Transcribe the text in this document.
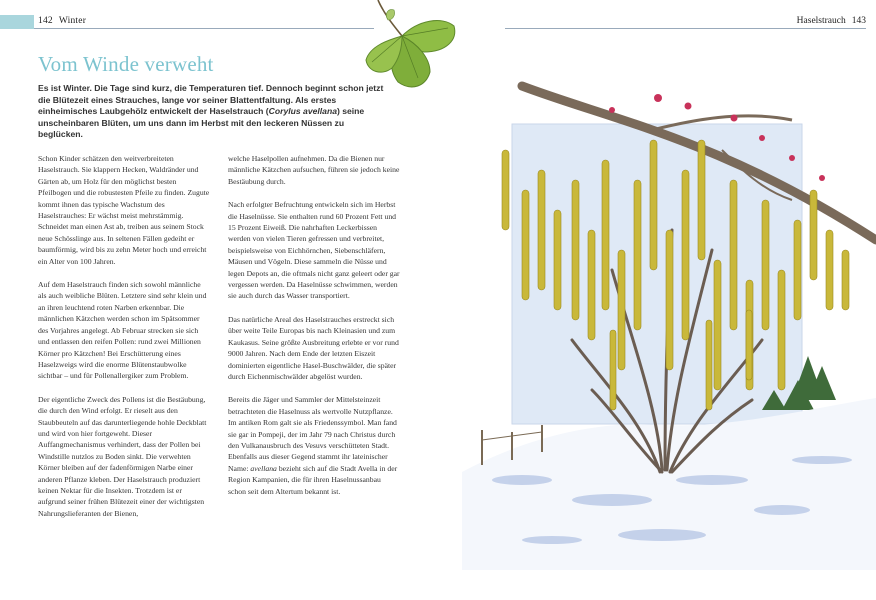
142 Winter	Haselstrauch 143
Vom Winde verweht

Es ist Winter. Die Tage sind kurz, die Temperaturen tief. Dennoch beginnt schon jetzt die Blütezeit eines Strauches, lange vor seiner Blattentfaltung. Als erstes einheimisches Laubgehölz entwickelt der Haselstrauch (Corylus avellana) seine unscheinbaren Blüten, um uns dann im Herbst mit den leckeren Nüssen zu beglücken.

Schon Kinder schätzen den weitverbreiteten Haselstrauch. Sie klappern Hecken, Waldränder und Gärten ab, um Holz für den möglichst besten Pfeilbogen und die robustesten Pfeile zu finden. Zugute kommt ihnen das typische Wachstum des Haselstrauches: Er wächst meist mehrstämmig. Schneidet man einen Ast ab, treiben aus seinem Stock neue Schösslinge aus. In seltenen Fällen gedeiht er baumförmig, wird bis zu zehn Meter hoch und erreicht ein Alter von 100 Jahren.

Auf dem Haselstrauch finden sich sowohl männliche als auch weibliche Blüten. Letztere sind sehr klein und an ihren leuchtend roten Narben erkennbar. Die männlichen Kätzchen werden schon im Spätsommer des Vorjahres angelegt. Ab Februar strecken sie sich und entlassen den reifen Pollen: rund zwei Millionen Körner pro Kätzchen! Bei Erschütterung eines Haselzweigs wird die enorme Blütenstaubwolke sichtbar – und für Pollenallergiker zum Problem.

Der eigentliche Zweck des Pollens ist die Bestäubung, die durch den Wind erfolgt. Er rieselt aus den Staubbeuteln auf das darunterliegende hohle Deckblatt und wird von hier fortgeweht. Dieser Auffangmechanismus verhindert, dass der Pollen bei Windstille nutzlos zu Boden sinkt. Die verwehten Körner bleiben auf der fadenförmigen Narbe einer anderen Pflanze kleben. Der Haselstrauch produziert keinen Nektar für die Insekten. Trotzdem ist er aufgrund seiner frühen Blütezeit einer der wichtigsten Nahrungslieferanten der Bienen,

welche Haselpollen aufnehmen. Da die Bienen nur männliche Kätzchen aufsuchen, führen sie jedoch keine Bestäubung durch.

Nach erfolgter Befruchtung entwickeln sich im Herbst die Haselnüsse. Sie enthalten rund 60 Prozent Fett und 15 Prozent Eiweiß. Die nahrhaften Leckerbissen werden von vielen Tieren gefressen und verbreitet, beispielsweise von Eichhörnchen, Siebenschläfern, Mäusen und Vögeln. Diese sammeln die Nüsse und legen Depots an, die oftmals nicht ganz geleert oder gar vergessen werden. Da Haselnüsse schwimmen, werden sie auch durch das Wasser transportiert.

Das natürliche Areal des Haselstrauches erstreckt sich über weite Teile Europas bis nach Kleinasien und zum Kaukasus. Seine größte Ausbreitung erlebte er vor rund 9000 Jahren. Nach dem Ende der letzten Eiszeit dominierten eigentliche Hasel-Buschwälder, die später durch Eichenmischwälder abgelöst wurden.

Bereits die Jäger und Sammler der Mittelsteinzeit betrachteten die Haselnuss als wertvolle Nutzpflanze. Im antiken Rom galt sie als Friedenssymbol. Man fand sie gar in Pompeji, der im Jahr 79 nach Christus durch den Vulkanausbruch des Vesuvs verschütteten Stadt. Ebenfalls aus dieser Gegend stammt ihr lateinischer Name: avellana bezieht sich auf die Stadt Avella in der Region Kampanien, die für ihren Haselnussanbau schon seit dem Altertum bekannt ist.
